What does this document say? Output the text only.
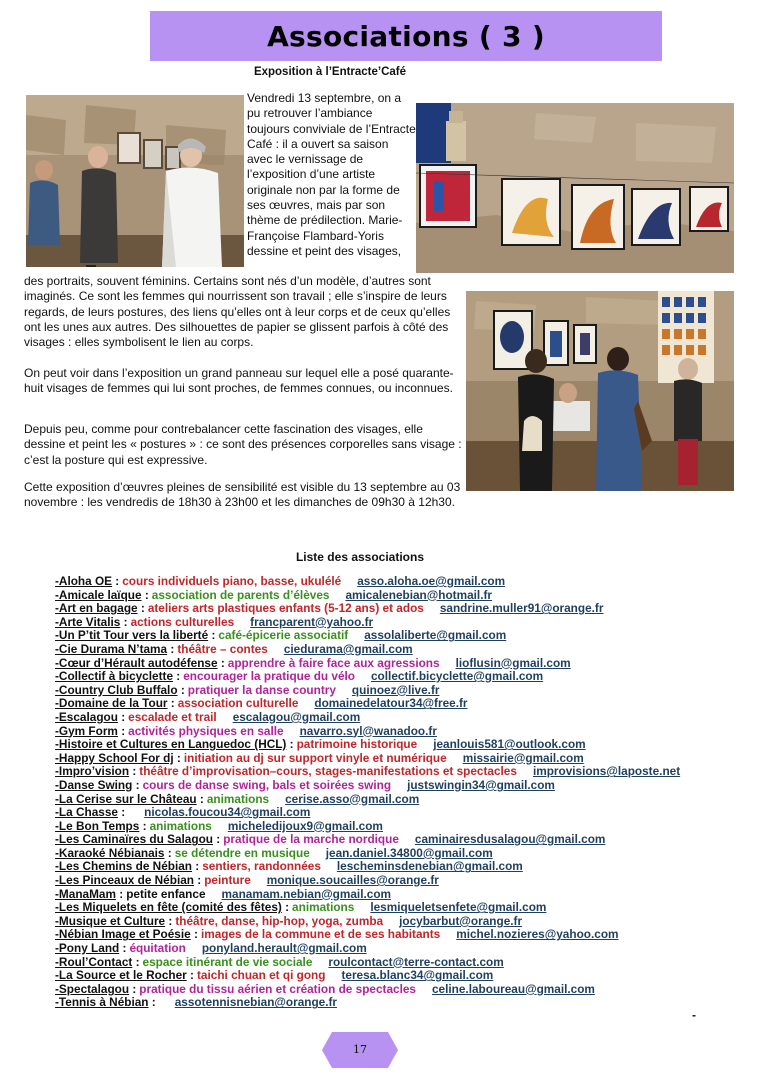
Associations ( 3 )
Exposition à l’Entracte’Café

Vendredi 13 septembre, on a pu retrouver l’ambiance toujours conviviale de l’Entracte Café : il a ouvert sa saison avec le vernissage de l’exposition d’une artiste originale non par la forme de ses œuvres, mais par son thème de prédilection. Marie-Françoise Flambard-Yoris dessine et peint des visages,

des portraits, souvent féminins. Certains sont nés d’un modèle, d’autres sont imaginés. Ce sont les femmes qui nourrissent son travail ; elle s’inspire de leurs regards, de leurs postures, des liens qu’elles ont à leur corps et de ceux qu’elles ont les unes aux autres. Des silhouettes de papier se glissent parfois à côté des visages : elles symbolisent le lien au corps.

On peut voir dans l’exposition un grand panneau sur lequel elle a posé quarante-huit visages de femmes qui lui sont proches, de femmes connues, ou inconnues.

Depuis peu, comme pour contrebalancer cette fascination des visages, elle dessine et peint les « postures » : ce sont des présences corporelles sans visage : c’est la posture qui est expressive.

Cette exposition d’œuvres pleines de sensibilité est visible du 13 septembre au 03 novembre : les vendredis de 18h30 à 23h00 et les dimanches de 09h30 à 12h30.

Liste des associations
-Aloha OE : cours individuels piano, basse, ukulélé asso.aloha.oe@gmail.com
-Amicale laïque : association de parents d’élèves amicalenebian@hotmail.fr
-Art en bagage : ateliers arts plastiques enfants (5-12 ans) et ados sandrine.muller91@orange.fr
-Arte Vitalis : actions culturelles francparent@yahoo.fr
-Un P’tit Tour vers la liberté : café-épicerie associatif assolaliberte@gmail.com
-Cie Durama N’tama : théâtre – contes ciedurama@gmail.com
-Cœur d’Hérault autodéfense : apprendre à faire face aux agressions lioflusin@gmail.com
-Collectif à bicyclette : encourager la pratique du vélo collectif.bicyclette@gmail.com
-Country Club Buffalo : pratiquer la danse country quinoez@live.fr
-Domaine de la Tour : association culturelle domainedelatour34@free.fr
-Escalagou : escalade et trail escalagou@gmail.com
-Gym Form : activités physiques en salle navarro.syl@wanadoo.fr
-Histoire et Cultures en Languedoc (HCL) : patrimoine historique jeanlouis581@outlook.com
-Happy School For dj : initiation au dj sur support vinyle et numérique missairie@gmail.com
-Impro’vision : théâtre d’improvisation–cours, stages-manifestations et spectacles improvisions@laposte.net
-Danse Swing : cours de danse swing, bals et soirées swing justswingin34@gmail.com
-La Cerise sur le Château : animations cerise.asso@gmail.com
-La Chasse : nicolas.foucou34@gmail.com
-Le Bon Temps : animations micheledijoux9@gmail.com
-Les Caminaïres du Salagou : pratique de la marche nordique caminairesdusalagou@gmail.com
-Karaoké Nébianais : se détendre en musique jean.daniel.34800@gmail.com
-Les Chemins de Nébian : sentiers, randonnées lescheminsdenebian@gmail.com
-Les Pinceaux de Nébian : peinture monique.soucailles@orange.fr
-ManaMam : petite enfance manamam.nebian@gmail.com
-Les Miquelets en fête (comité des fêtes) : animations lesmiqueletsenfete@gmail.com
-Musique et Culture : théâtre, danse, hip-hop, yoga, zumba jocybarbut@orange.fr
-Nébian Image et Poésie : images de la commune et de ses habitants michel.nozieres@yahoo.com
-Pony Land : équitation ponyland.herault@gmail.com
-Roul’Contact : espace itinérant de vie sociale roulcontact@terre-contact.com
-La Source et le Rocher : taichi chuan et qi gong teresa.blanc34@gmail.com
-Spectalagou : pratique du tissu aérien et création de spectacles celine.laboureau@gmail.com
-Tennis à Nébian : assotennisnebian@orange.fr
-
17
